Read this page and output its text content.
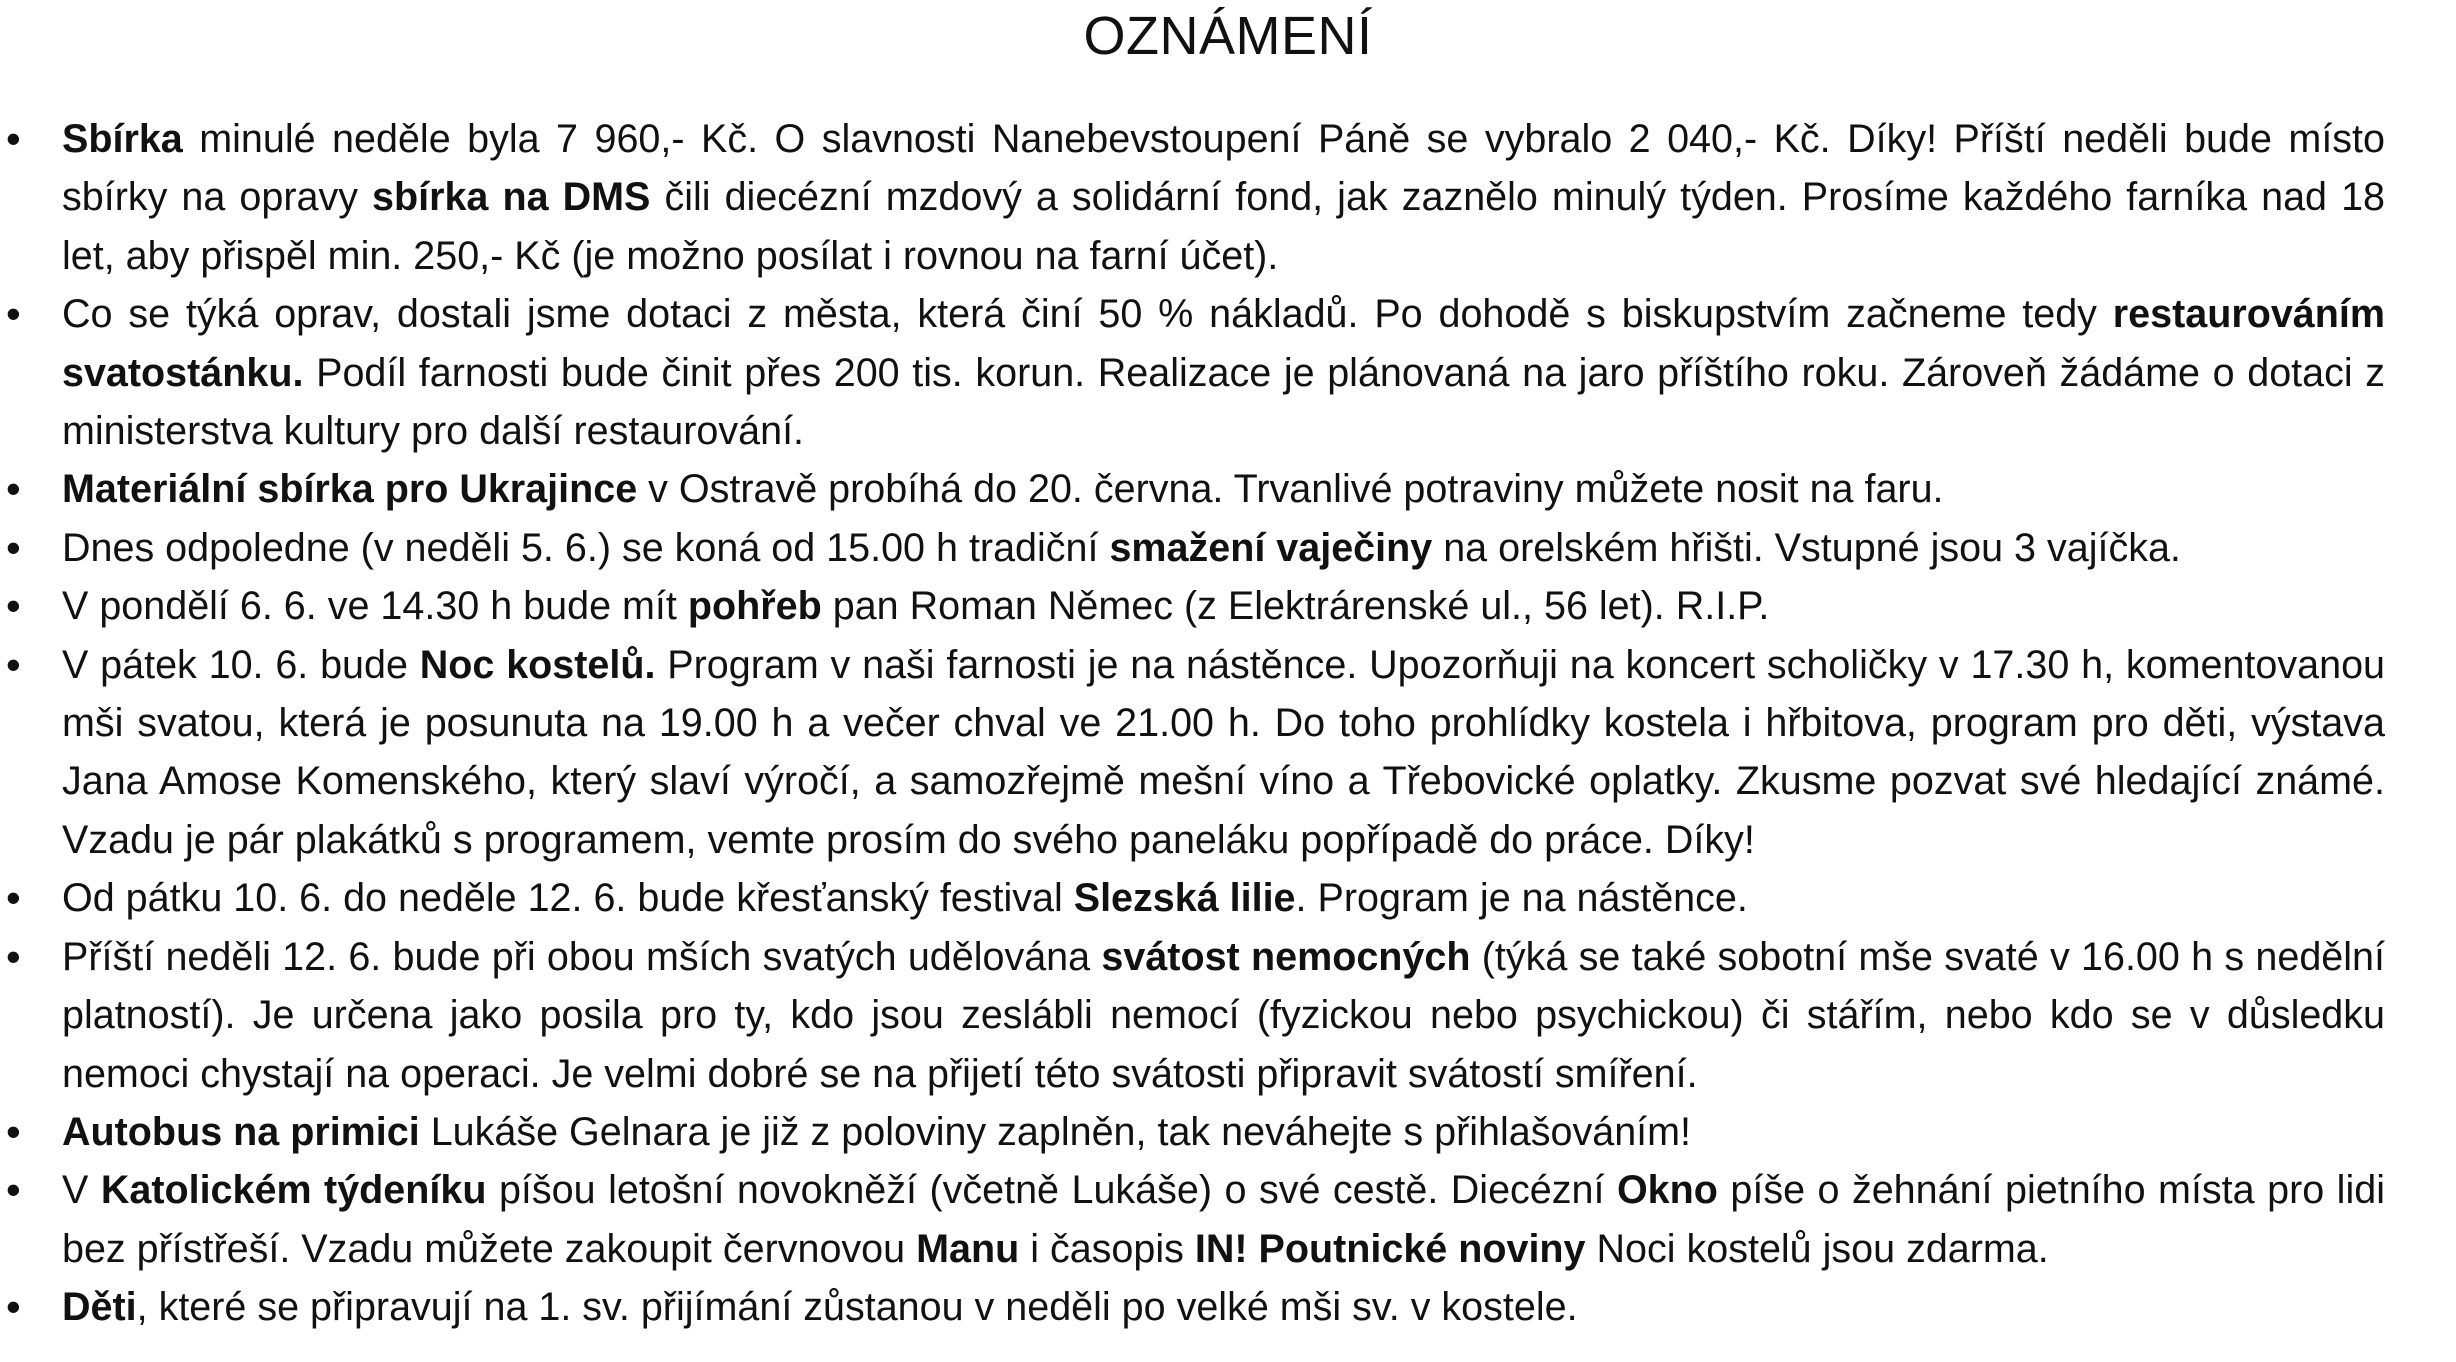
OZNÁMENÍ
• Sbírka minulé neděle byla 7 960,- Kč. O slavnosti Nanebevstoupení Páně se vybralo 2 040,- Kč. Díky! Příští neděli bude místo sbírky na opravy sbírka na DMS čili diecézní mzdový a solidární fond, jak zaznělo minulý týden. Prosíme každého farníka nad 18 let, aby přispěl min. 250,- Kč (je možno posílat i rovnou na farní účet).
• Co se týká oprav, dostali jsme dotaci z města, která činí 50 % nákladů. Po dohodě s biskupstvím začneme tedy restaurováním svatostánku. Podíl farnosti bude činit přes 200 tis. korun. Realizace je plánovaná na jaro příštího roku. Zároveň žádáme o dotaci z ministerstva kultury pro další restaurování.
• Materiální sbírka pro Ukrajince v Ostravě probíhá do 20. června. Trvanlivé potraviny můžete nosit na faru.
• Dnes odpoledne (v neděli 5. 6.) se koná od 15.00 h tradiční smažení vaječiny na orelském hřišti. Vstupné jsou 3 vajíčka.
• V pondělí 6. 6. ve 14.30 h bude mít pohřeb pan Roman Němec (z Elektrárenské ul., 56 let). R.I.P.
• V pátek 10. 6. bude Noc kostelů. Program v naši farnosti je na nástěnce. Upozorňuji na koncert scholičky v 17.30 h, komentovanou mši svatou, která je posunuta na 19.00 h a večer chval ve 21.00 h. Do toho prohlídky kostela i hřbitova, program pro děti, výstava Jana Amose Komenského, který slaví výročí, a samozřejmě mešní víno a Třebovické oplatky. Zkusme pozvat své hledající známé. Vzadu je pár plakátků s programem, vemte prosím do svého paneláku popřípadě do práce. Díky!
• Od pátku 10. 6. do neděle 12. 6. bude křesťanský festival Slezská lilie. Program je na nástěnce.
• Příští neděli 12. 6. bude při obou mších svatých udělována svátost nemocných (týká se také sobotní mše svaté v 16.00 h s nedělní platností). Je určena jako posila pro ty, kdo jsou zeslábli nemocí (fyzickou nebo psychickou) či stářím, nebo kdo se v důsledku nemoci chystají na operaci. Je velmi dobré se na přijetí této svátosti připravit svátostí smíření.
• Autobus na primici Lukáše Gelnara je již z poloviny zaplněn, tak neváhejte s přihlašováním!
• V Katolickém týdeníku píšou letošní novokněží (včetně Lukáše) o své cestě. Diecézní Okno píše o žehnání pietního místa pro lidi bez přístřeší. Vzadu můžete zakoupit červnovou Manu i časopis IN! Poutnické noviny Noci kostelů jsou zdarma.
• Děti, které se připravují na 1. sv. přijímání zůstanou v neděli po velké mši sv. v kostele.
